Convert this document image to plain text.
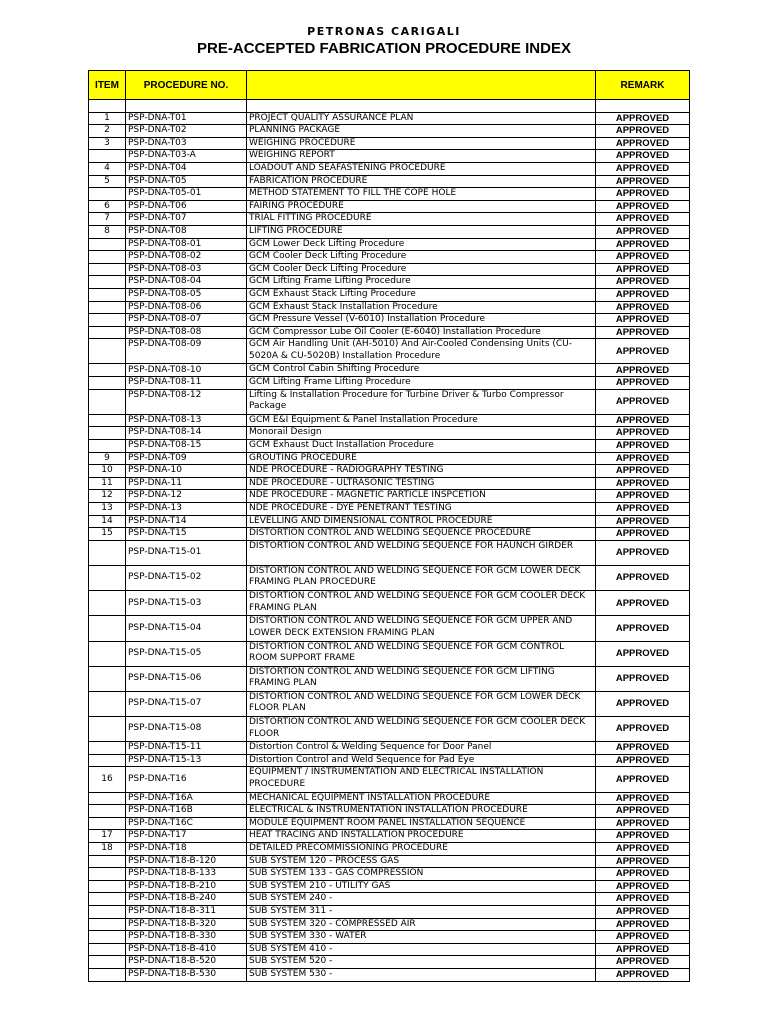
PETRONAS CARIGALI
PRE-ACCEPTED FABRICATION PROCEDURE INDEX
ITEM	PROCEDURE NO.		REMARK

1	PSP-DNA-T01	PROJECT QUALITY ASSURANCE PLAN	APPROVED
2	PSP-DNA-T02	PLANNING PACKAGE	APPROVED
3	PSP-DNA-T03	WEIGHING PROCEDURE	APPROVED
	PSP-DNA-T03-A	WEIGHING REPORT	APPROVED
4	PSP-DNA-T04	LOADOUT AND SEAFASTENING PROCEDURE	APPROVED
5	PSP-DNA-T05	FABRICATION PROCEDURE	APPROVED
	PSP-DNA-T05-01	METHOD STATEMENT TO FILL THE COPE HOLE	APPROVED
6	PSP-DNA-T06	FAIRING PROCEDURE	APPROVED
7	PSP-DNA-T07	TRIAL FITTING PROCEDURE	APPROVED
8	PSP-DNA-T08	LIFTING PROCEDURE	APPROVED
	PSP-DNA-T08-01	GCM Lower Deck Lifting Procedure	APPROVED
	PSP-DNA-T08-02	GCM Cooler Deck Lifting Procedure	APPROVED
	PSP-DNA-T08-03	GCM Cooler Deck Lifting Procedure	APPROVED
	PSP-DNA-T08-04	GCM Lifting Frame Lifting Procedure	APPROVED
	PSP-DNA-T08-05	GCM Exhaust Stack Lifting Procedure	APPROVED
	PSP-DNA-T08-06	GCM Exhaust Stack Installation Procedure	APPROVED
	PSP-DNA-T08-07	GCM Pressure Vessel (V-6010) Installation Procedure	APPROVED
	PSP-DNA-T08-08	GCM Compressor Lube Oil Cooler (E-6040) Installation Procedure	APPROVED
	PSP-DNA-T08-09	GCM Air Handling Unit (AH-5010) And Air-Cooled Condensing Units (CU-5020A & CU-5020B) Installation Procedure	APPROVED
	PSP-DNA-T08-10	GCM Control Cabin Shifting Procedure	APPROVED
	PSP-DNA-T08-11	GCM Lifting Frame Lifting Procedure	APPROVED
	PSP-DNA-T08-12	Lifting & Installation Procedure for Turbine Driver & Turbo Compressor Package	APPROVED
	PSP-DNA-T08-13	GCM E&I Equipment & Panel Installation Procedure	APPROVED
	PSP-DNA-T08-14	Monorail Design	APPROVED
	PSP-DNA-T08-15	GCM Exhaust Duct Installation Procedure	APPROVED
9	PSP-DNA-T09	GROUTING PROCEDURE	APPROVED
10	PSP-DNA-10	NDE PROCEDURE - RADIOGRAPHY TESTING	APPROVED
11	PSP-DNA-11	NDE PROCEDURE - ULTRASONIC TESTING	APPROVED
12	PSP-DNA-12	NDE PROCEDURE - MAGNETIC PARTICLE INSPCETION	APPROVED
13	PSP-DNA-13	NDE PROCEDURE - DYE PENETRANT TESTING	APPROVED
14	PSP-DNA-T14	LEVELLING AND DIMENSIONAL CONTROL PROCEDURE	APPROVED
15	PSP-DNA-T15	DISTORTION CONTROL AND WELDING SEQUENCE PROCEDURE	APPROVED
	PSP-DNA-T15-01	DISTORTION CONTROL AND WELDING SEQUENCE FOR HAUNCH GIRDER	APPROVED
	PSP-DNA-T15-02	DISTORTION CONTROL AND WELDING SEQUENCE FOR GCM LOWER DECK FRAMING PLAN PROCEDURE	APPROVED
	PSP-DNA-T15-03	DISTORTION CONTROL AND WELDING SEQUENCE FOR GCM COOLER DECK FRAMING PLAN	APPROVED
	PSP-DNA-T15-04	DISTORTION CONTROL AND WELDING SEQUENCE FOR GCM UPPER AND LOWER DECK EXTENSION FRAMING PLAN	APPROVED
	PSP-DNA-T15-05	DISTORTION CONTROL AND WELDING SEQUENCE FOR GCM CONTROL ROOM SUPPORT FRAME	APPROVED
	PSP-DNA-T15-06	DISTORTION CONTROL AND WELDING SEQUENCE FOR GCM LIFTING FRAMING PLAN	APPROVED
	PSP-DNA-T15-07	DISTORTION CONTROL AND WELDING SEQUENCE FOR GCM LOWER DECK FLOOR PLAN	APPROVED
	PSP-DNA-T15-08	DISTORTION CONTROL AND WELDING SEQUENCE FOR GCM COOLER DECK FLOOR	APPROVED
	PSP-DNA-T15-11	Distortion Control & Welding Sequence for Door Panel	APPROVED
	PSP-DNA-T15-13	Distortion Control and Weld Sequence for Pad Eye	APPROVED
16	PSP-DNA-T16	EQUIPMENT / INSTRUMENTATION AND ELECTRICAL INSTALLATION PROCEDURE	APPROVED
	PSP-DNA-T16A	MECHANICAL EQUIPMENT INSTALLATION PROCEDURE	APPROVED
	PSP-DNA-T16B	ELECTRICAL & INSTRUMENTATION INSTALLATION PROCEDURE	APPROVED
	PSP-DNA-T16C	MODULE EQUIPMENT ROOM PANEL INSTALLATION SEQUENCE	APPROVED
17	PSP-DNA-T17	HEAT TRACING AND INSTALLATION PROCEDURE	APPROVED
18	PSP-DNA-T18	DETAILED PRECOMMISSIONING PROCEDURE	APPROVED
	PSP-DNA-T18-B-120	SUB SYSTEM 120 - PROCESS GAS	APPROVED
	PSP-DNA-T18-B-133	SUB SYSTEM 133 - GAS COMPRESSION	APPROVED
	PSP-DNA-T18-B-210	SUB SYSTEM 210 - UTILITY GAS	APPROVED
	PSP-DNA-T18-B-240	SUB SYSTEM 240 -	APPROVED
	PSP-DNA-T18-B-311	SUB SYSTEM 311 -	APPROVED
	PSP-DNA-T18-B-320	SUB SYSTEM 320 - COMPRESSED AIR	APPROVED
	PSP-DNA-T18-B-330	SUB SYSTEM 330 - WATER	APPROVED
	PSP-DNA-T18-B-410	SUB SYSTEM 410 -	APPROVED
	PSP-DNA-T18-B-520	SUB SYSTEM 520 -	APPROVED
	PSP-DNA-T18-B-530	SUB SYSTEM 530 -	APPROVED
